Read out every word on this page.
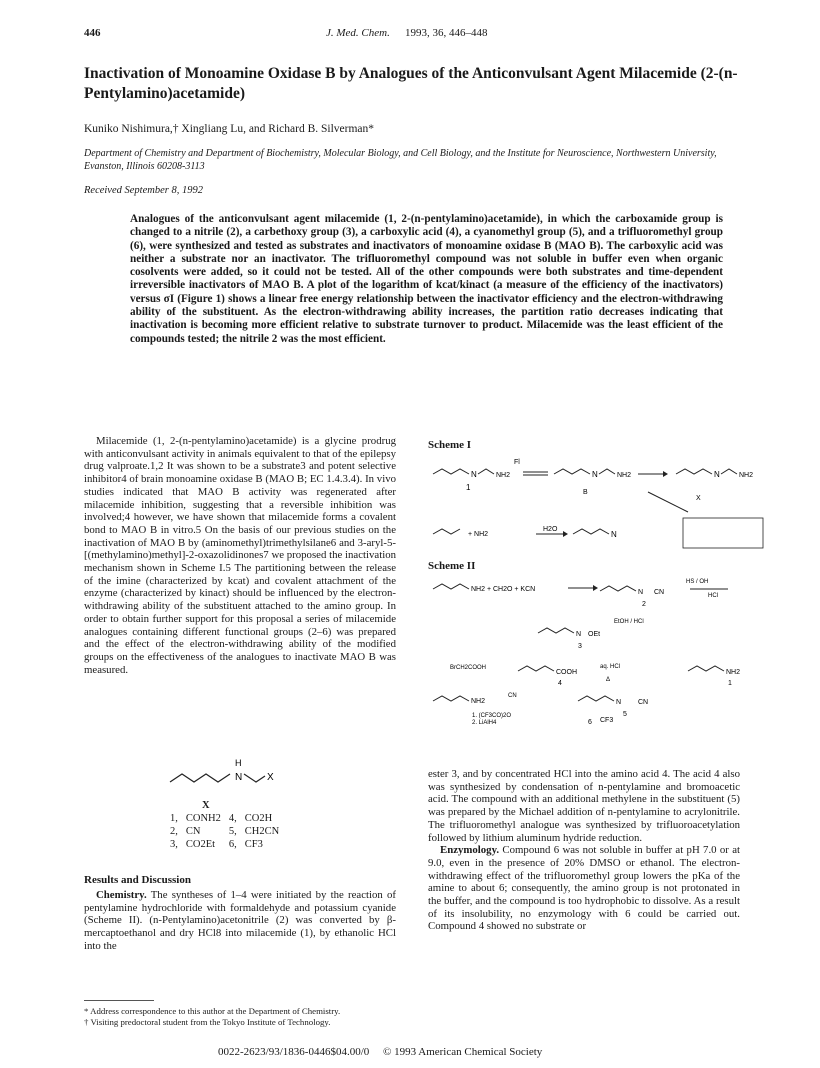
446	J. Med. Chem. 1993, 36, 446–448
Inactivation of Monoamine Oxidase B by Analogues of the Anticonvulsant Agent Milacemide (2-(n-Pentylamino)acetamide)
Kuniko Nishimura,† Xingliang Lu, and Richard B. Silverman*
Department of Chemistry and Department of Biochemistry, Molecular Biology, and Cell Biology, and the Institute for Neuroscience, Northwestern University, Evanston, Illinois 60208-3113
Received September 8, 1992
Analogues of the anticonvulsant agent milacemide (1, 2-(n-pentylamino)acetamide), in which the carboxamide group is changed to a nitrile (2), a carbethoxy group (3), a carboxylic acid (4), a cyanomethyl group (5), and a trifluoromethyl group (6), were synthesized and tested as substrates and inactivators of monoamine oxidase B (MAO B). The carboxylic acid was neither a substrate nor an inactivator. The trifluoromethyl compound was not soluble in buffer even when organic cosolvents were added, so it could not be tested. All of the other compounds were both substrates and time-dependent irreversible inactivators of MAO B. A plot of the logarithm of kcat/kinact (a measure of the efficiency of the inactivators) versus σI (Figure 1) shows a linear free energy relationship between the inactivator efficiency and the electron-withdrawing ability of the substituent. As the electron-withdrawing ability increases, the partition ratio decreases indicating that inactivation is becoming more efficient relative to substrate turnover to product. Milacemide was the least efficient of the compounds tested; the nitrile 2 was the most efficient.
Milacemide (1, 2-(n-pentylamino)acetamide) is a glycine prodrug with anticonvulsant activity in animals equivalent to that of the epilepsy drug valproate.1,2 It was shown to be a substrate3 and potent selective inhibitor4 of brain monoamine oxidase B (MAO B; EC 1.4.3.4). In vivo studies indicated that MAO B activity was regenerated after milacemide inhibition, suggesting that a reversible inhibition was involved;4 however, we have shown that milacemide forms a covalent bond to MAO B in vitro.5 On the basis of our previous studies on the inactivation of MAO B by (aminomethyl)trimethylsilane6 and 3-aryl-5-[(methylamino)methyl]-2-oxazolidinones7 we proposed the inactivation mechanism shown in Scheme I.5 The partitioning between the release of the imine (characterized by kcat) and covalent attachment of the enzyme (characterized by kinact) should be influenced by the electron-withdrawing ability of the substituent attached to the amino group. In order to obtain further support for this proposal a series of milacemide analogues containing different functional groups (2–6) was prepared and the effect of the electron-withdrawing ability of the modified groups on the effectiveness of the analogues to inactivate MAO B was measured.
N
H
X
X
1,	CONH2	4,	CO2H
2,	CN	5,	CH2CN
3,	CO2Et	6,	CF3
Results and Discussion
Chemistry. The syntheses of 1–4 were initiated by the reaction of pentylamine hydrochloride with formaldehyde and potassium cyanide (Scheme II). (n-Pentylamino)acetonitrile (2) was converted by β-mercaptoethanol and dry HCl8 into milacemide (1), by ethanolic HCl into the
* Address correspondence to this author at the Department of Chemistry.
† Visiting predoctoral student from the Tokyo Institute of Technology.
Scheme I
N	NH2
1
Fl
N	NH2
B
N	NH2
X
+ NH2
H2O
N
Scheme II
NH2 + CH2O + KCN	N CN
2
HS / OH
HCl
EtOH / HCl
N OEt
3
BrCH2COOH
COOH
4
aq. HCl
Δ
NH2
1
NH2
CN
N CN
5
1. (CF3CO)2O
2. LiAlH4	CF3
6
ester 3, and by concentrated HCl into the amino acid 4. The acid 4 also was synthesized by condensation of n-pentylamine and bromoacetic acid. The compound with an additional methylene in the substituent (5) was prepared by the Michael addition of n-pentylamine to acrylonitrile. The trifluoromethyl analogue was synthesized by trifluoroacetylation followed by lithium aluminum hydride reduction.
Enzymology. Compound 6 was not soluble in buffer at pH 7.0 or at 9.0, even in the presence of 20% DMSO or ethanol. The electron-withdrawing effect of the trifluoromethyl group lowers the pKa of the amine to about 6; consequently, the amino group is not protonated in the buffer, and the compound is too hydrophobic to dissolve. As a result of its insolubility, no enzymology with 6 could be carried out. Compound 4 showed no substrate or
0022-2623/93/1836-0446$04.00/0 © 1993 American Chemical Society
